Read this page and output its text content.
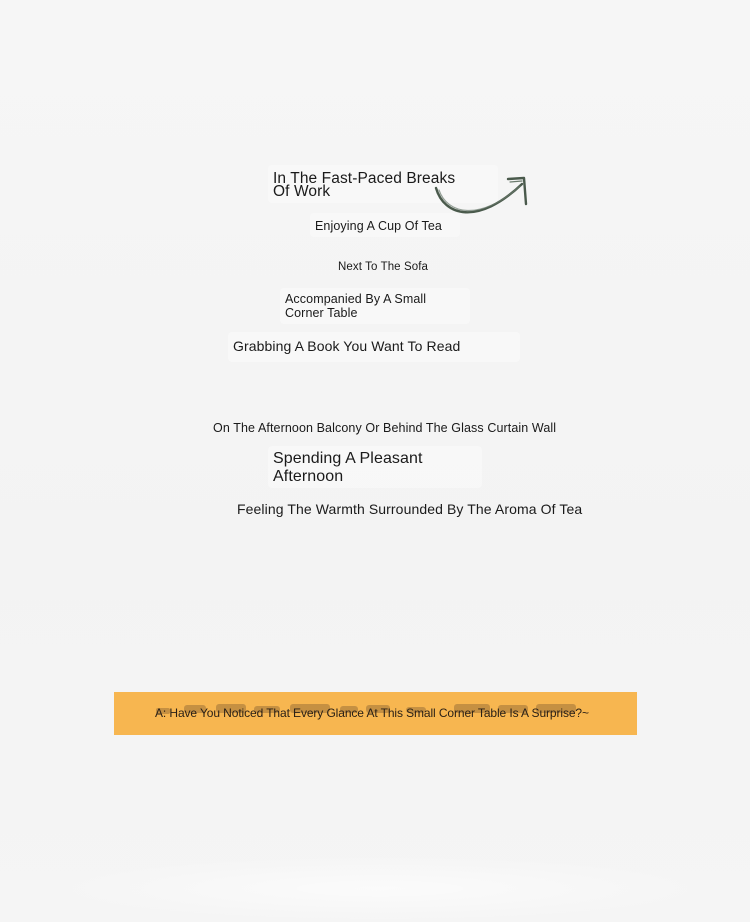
In The Fast-Paced Breaks Of Work

Enjoying A Cup Of Tea

Next To The Sofa

Accompanied By A Small Corner Table

Grabbing A Book You Want To Read

On The Afternoon Balcony Or Behind The Glass Curtain Wall

Spending A Pleasant Afternoon

Feeling The Warmth Surrounded By The Aroma Of Tea

A: Have You Noticed That Every Glance At This Small Corner Table Is A Surprise?~
